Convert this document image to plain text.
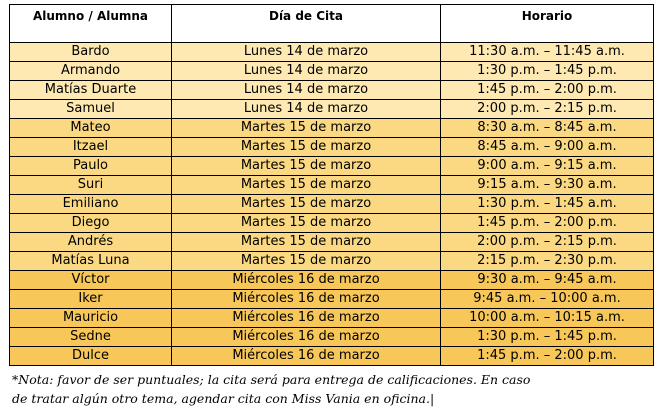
Alumno / Alumna	Día de Cita	Horario
Bardo	Lunes 14 de marzo	11:30 a.m. – 11:45 a.m.
Armando	Lunes 14 de marzo	1:30 p.m. – 1:45 p.m.
Matías Duarte	Lunes 14 de marzo	1:45 p.m. – 2:00 p.m.
Samuel	Lunes 14 de marzo	2:00 p.m. – 2:15 p.m.
Mateo	Martes 15 de marzo	8:30 a.m. – 8:45 a.m.
Itzael	Martes 15 de marzo	8:45 a.m. – 9:00 a.m.
Paulo	Martes 15 de marzo	9:00 a.m. – 9:15 a.m.
Suri	Martes 15 de marzo	9:15 a.m. – 9:30 a.m.
Emiliano	Martes 15 de marzo	1:30 p.m. – 1:45 a.m.
Diego	Martes 15 de marzo	1:45 p.m. – 2:00 p.m.
Andrés	Martes 15 de marzo	2:00 p.m. – 2:15 p.m.
Matías Luna	Martes 15 de marzo	2:15 p.m. – 2:30 p.m.
Víctor	Miércoles 16 de marzo	9:30 a.m. – 9:45 a.m.
Iker	Miércoles 16 de marzo	9:45 a.m. – 10:00 a.m.
Mauricio	Miércoles 16 de marzo	10:00 a.m. – 10:15 a.m.
Sedne	Miércoles 16 de marzo	1:30 p.m. – 1:45 p.m.
Dulce	Miércoles 16 de marzo	1:45 p.m. – 2:00 p.m.
*Nota: favor de ser puntuales; la cita será para entrega de calificaciones. En caso
de tratar algún otro tema, agendar cita con Miss Vania en oficina.|
